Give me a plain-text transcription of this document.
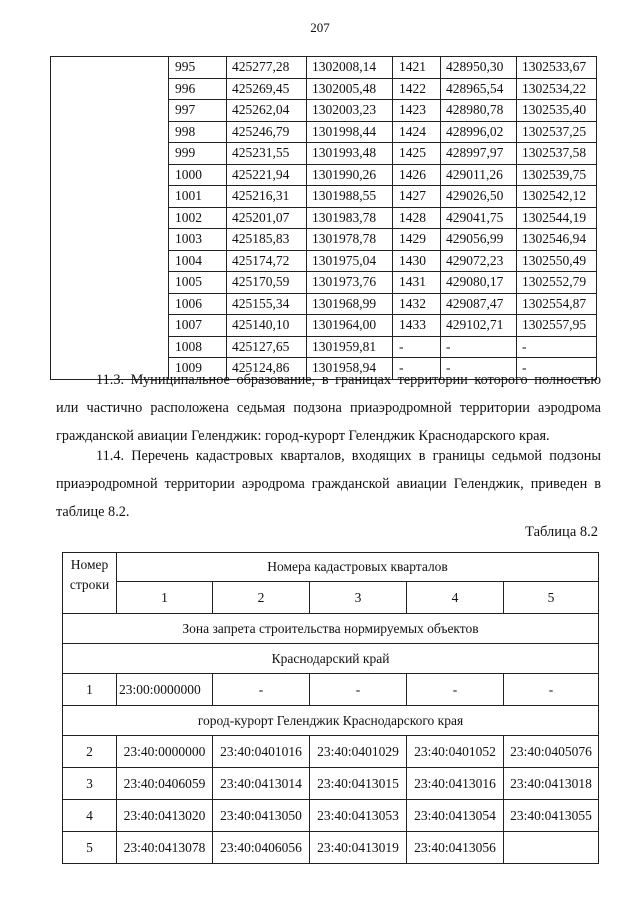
207
	995	425277,28	1302008,14	1421	428950,30	1302533,67
	996	425269,45	1302005,48	1422	428965,54	1302534,22
	997	425262,04	1302003,23	1423	428980,78	1302535,40
	998	425246,79	1301998,44	1424	428996,02	1302537,25
	999	425231,55	1301993,48	1425	428997,97	1302537,58
	1000	425221,94	1301990,26	1426	429011,26	1302539,75
	1001	425216,31	1301988,55	1427	429026,50	1302542,12
	1002	425201,07	1301983,78	1428	429041,75	1302544,19
	1003	425185,83	1301978,78	1429	429056,99	1302546,94
	1004	425174,72	1301975,04	1430	429072,23	1302550,49
	1005	425170,59	1301973,76	1431	429080,17	1302552,79
	1006	425155,34	1301968,99	1432	429087,47	1302554,87
	1007	425140,10	1301964,00	1433	429102,71	1302557,95
	1008	425127,65	1301959,81	-	-	-
	1009	425124,86	1301958,94	-	-	-
11.3. Муниципальное образование, в границах территории которого полностью
или частично расположена седьмая подзона приаэродромной территории аэродрома
гражданской авиации Геленджик: город-курорт Геленджик Краснодарского края.
11.4. Перечень кадастровых кварталов, входящих в границы седьмой подзоны
приаэродромной территории аэродрома гражданской авиации Геленджик, приведен в
таблице 8.2.
Таблица 8.2
Номер
строки	Номера кадастровых кварталов				
	1	2	3	4	5
Зона запрета строительства нормируемых объектов					
Краснодарский край					
1	23:00:0000000	-	-	-	-
город-курорт Геленджик Краснодарского края					
2	23:40:0000000	23:40:0401016	23:40:0401029	23:40:0401052	23:40:0405076
3	23:40:0406059	23:40:0413014	23:40:0413015	23:40:0413016	23:40:0413018
4	23:40:0413020	23:40:0413050	23:40:0413053	23:40:0413054	23:40:0413055
5	23:40:0413078	23:40:0406056	23:40:0413019	23:40:0413056	
